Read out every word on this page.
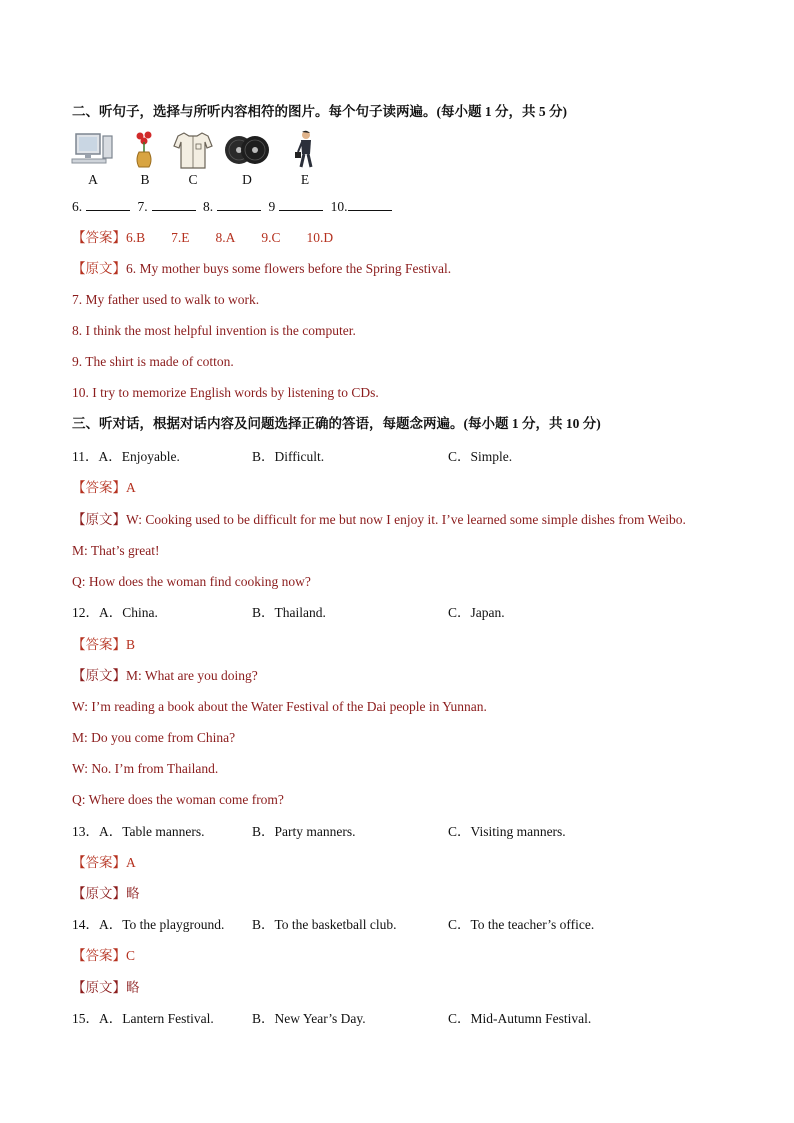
二、听句子，选择与所听内容相符的图片。每个句子读两遍。(每小题 1 分，共 5 分)
A	B	C	D	E
6.	7.	8.	9	10.
【答案】6.B 7.E 8.A 9.C 10.D
【原文】6. My mother buys some flowers before the Spring Festival.
7. My father used to walk to work.
8. I think the most helpful invention is the computer.
9. The shirt is made of cotton.
10. I try to memorize English words by listening to CDs.
三、听对话，根据对话内容及问题选择正确的答语，每题念两遍。(每小题 1 分，共 10 分)
11．A．Enjoyable.	B．Difficult.	C．Simple.
【答案】A
【原文】W: Cooking used to be difficult for me but now I enjoy it. I’ve learned some simple dishes from Weibo.
M: That’s great!
Q: How does the woman find cooking now?
12．A．China.	B．Thailand.	C．Japan.
【答案】B
【原文】M: What are you doing?
W: I’m reading a book about the Water Festival of the Dai people in Yunnan.
M: Do you come from China?
W: No. I’m from Thailand.
Q: Where does the woman come from?
13．A．Table manners.	B．Party manners.	C．Visiting manners.
【答案】A
【原文】略
14．A．To the playground. B．To the basketball club.	C．To the teacher’s office.
【答案】C
【原文】略
15．A．Lantern Festival.	B．New Year’s Day.	C．Mid-Autumn Festival.
